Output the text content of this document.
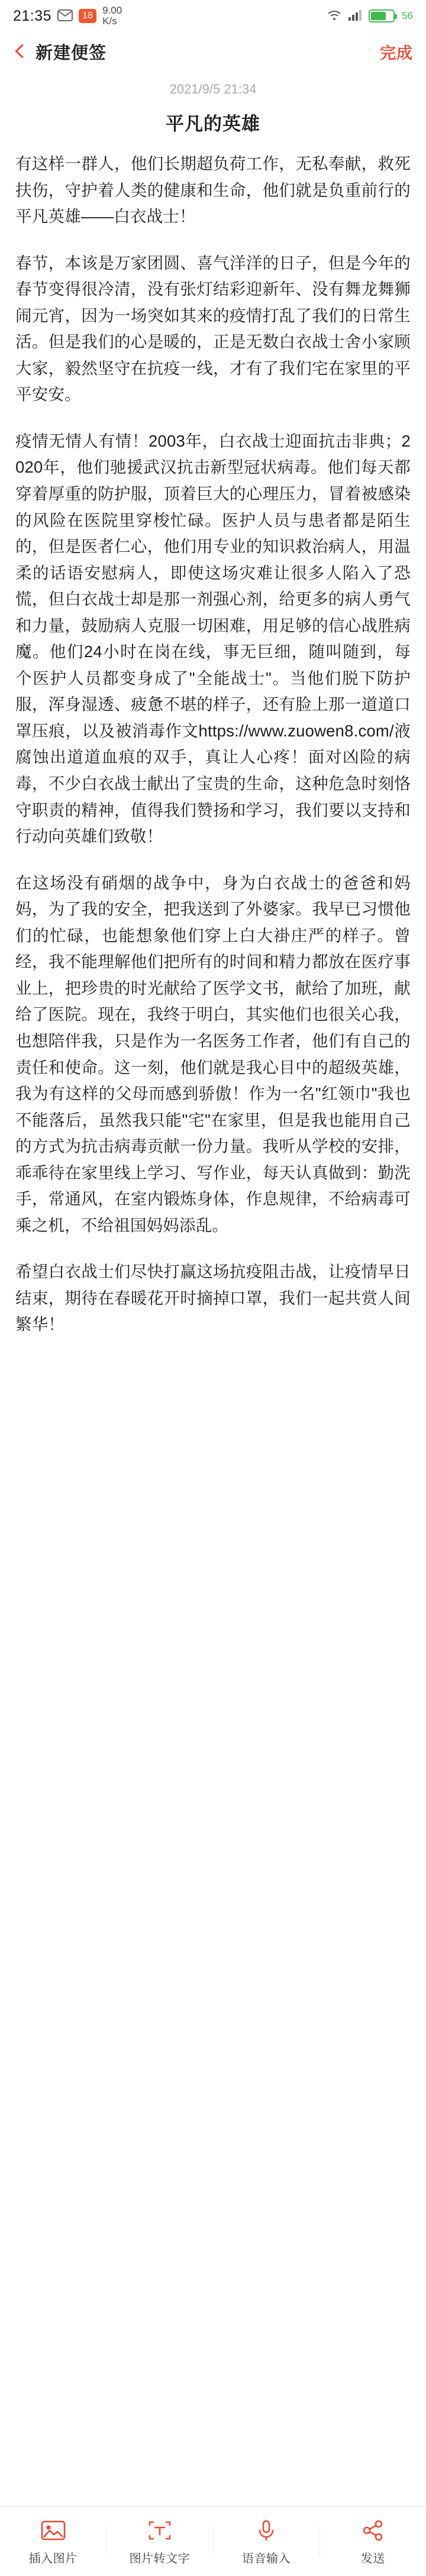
21:35	18 9.00
K/s	56
新建便签	完成
2021/9/5 21:34
平凡的英雄

有这样一群人，他们长期超负荷工作，无私奉献，救死扶伤，守护着人类的健康和生命，他们就是负重前行的平凡英雄——白衣战士！

春节，本该是万家团圆、喜气洋洋的日子，但是今年的春节变得很冷清，没有张灯结彩迎新年、没有舞龙舞狮闹元宵，因为一场突如其来的疫情打乱了我们的日常生活。但是我们的心是暖的，正是无数白衣战士舍小家顾大家，毅然坚守在抗疫一线，才有了我们宅在家里的平平安安。

疫情无情人有情！2003年，白衣战士迎面抗击非典；2020年，他们驰援武汉抗击新型冠状病毒。他们每天都穿着厚重的防护服，顶着巨大的心理压力，冒着被感染的风险在医院里穿梭忙碌。医护人员与患者都是陌生的，但是医者仁心，他们用专业的知识救治病人，用温柔的话语安慰病人，即使这场灾难让很多人陷入了恐慌，但白衣战士却是那一剂强心剂，给更多的病人勇气和力量，鼓励病人克服一切困难，用足够的信心战胜病魔。他们24小时在岗在线，事无巨细，随叫随到，每个医护人员都变身成了"全能战士"。当他们脱下防护服，浑身湿透、疲惫不堪的样子，还有脸上那一道道口罩压痕，以及被消毒作文https://www.zuowen8.com/液腐蚀出道道血痕的双手，真让人心疼！面对凶险的病毒，不少白衣战士献出了宝贵的生命，这种危急时刻恪守职责的精神，值得我们赞扬和学习，我们要以支持和行动向英雄们致敬！

在这场没有硝烟的战争中，身为白衣战士的爸爸和妈妈，为了我的安全，把我送到了外婆家。我早已习惯他们的忙碌，也能想象他们穿上白大褂庄严的样子。曾经，我不能理解他们把所有的时间和精力都放在医疗事业上，把珍贵的时光献给了医学文书，献给了加班，献给了医院。现在，我终于明白，其实他们也很关心我，也想陪伴我，只是作为一名医务工作者，他们有自己的责任和使命。这一刻，他们就是我心目中的超级英雄，我为有这样的父母而感到骄傲！作为一名"红领巾"我也不能落后，虽然我只能"宅"在家里，但是我也能用自己的方式为抗击病毒贡献一份力量。我听从学校的安排，乖乖待在家里线上学习、写作业，每天认真做到：勤洗手，常通风，在室内锻炼身体，作息规律，不给病毒可乘之机，不给祖国妈妈添乱。

希望白衣战士们尽快打赢这场抗疫阻击战，让疫情早日结束，期待在春暖花开时摘掉口罩，我们一起共赏人间繁华！

插入图片	图片转文字	语音输入	发送
